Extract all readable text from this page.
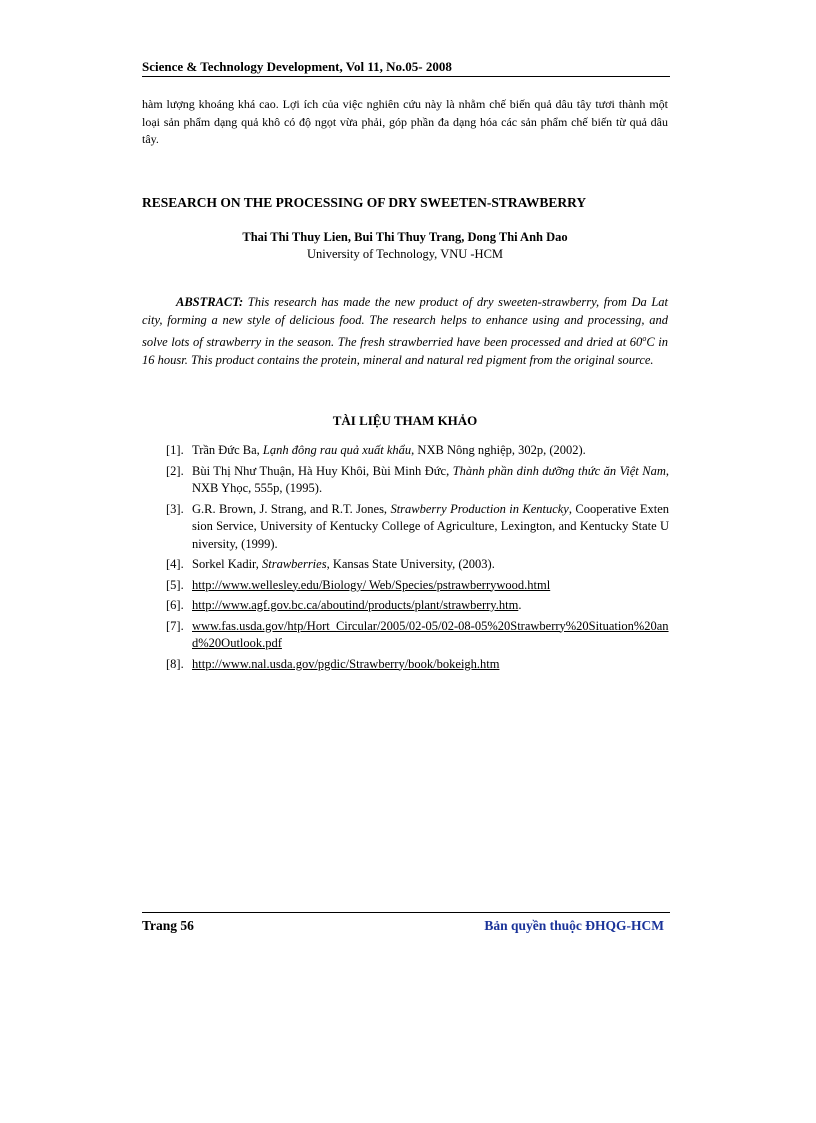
Science & Technology Development, Vol 11, No.05- 2008

hàm lượng khoáng khá cao. Lợi ích của việc nghiên cứu này là nhằm chế biến quả dâu tây tươi thành một loại sản phẩm dạng quả khô có độ ngọt vừa phải, góp phần đa dạng hóa các sản phẩm chế biến từ quả dâu tây.

RESEARCH ON THE PROCESSING OF DRY SWEETEN-STRAWBERRY
Thai Thi Thuy Lien, Bui Thi Thuy Trang, Dong Thi Anh Dao
University of Technology, VNU -HCM

ABSTRACT: This research has made the new product of dry sweeten-strawberry, from Da Lat city, forming a new style of delicious food. The research helps to enhance using and processing, and solve lots of strawberry in the season. The fresh strawberried have been processed and dried at 60$^o$C in 16 housr. This product contains the protein, mineral and natural red pigment from the original source.

TÀI LIỆU THAM KHẢO
[1]. Trần Đức Ba, Lạnh đông rau quả xuất khẩu, NXB Nông nghiệp, 302p, (2002).
[2]. Bùi Thị Như Thuận, Hà Huy Khôi, Bùi Minh Đức, Thành phần dinh dưỡng thức ăn Việt Nam, NXB Yhọc, 555p, (1995).
[3]. G.R. Brown, J. Strang, and R.T. Jones, Strawberry Production in Kentucky, Cooperative Extension Service, University of Kentucky College of Agriculture, Lexington, and Kentucky State University, (1999).
[4]. Sorkel Kadir, Strawberries, Kansas State University, (2003).
[5]. http://www.wellesley.edu/Biology/ Web/Species/pstrawberrywood.html
[6]. http://www.agf.gov.bc.ca/aboutind/products/plant/strawberry.htm.
[7]. www.fas.usda.gov/htp/Hort_Circular/2005/02-05/02-08-05%20Strawberry%20Situation%20and%20Outlook.pdf
[8]. http://www.nal.usda.gov/pgdic/Strawberry/book/bokeigh.htm
Trang 56	Bản quyền thuộc ĐHQG-HCM
